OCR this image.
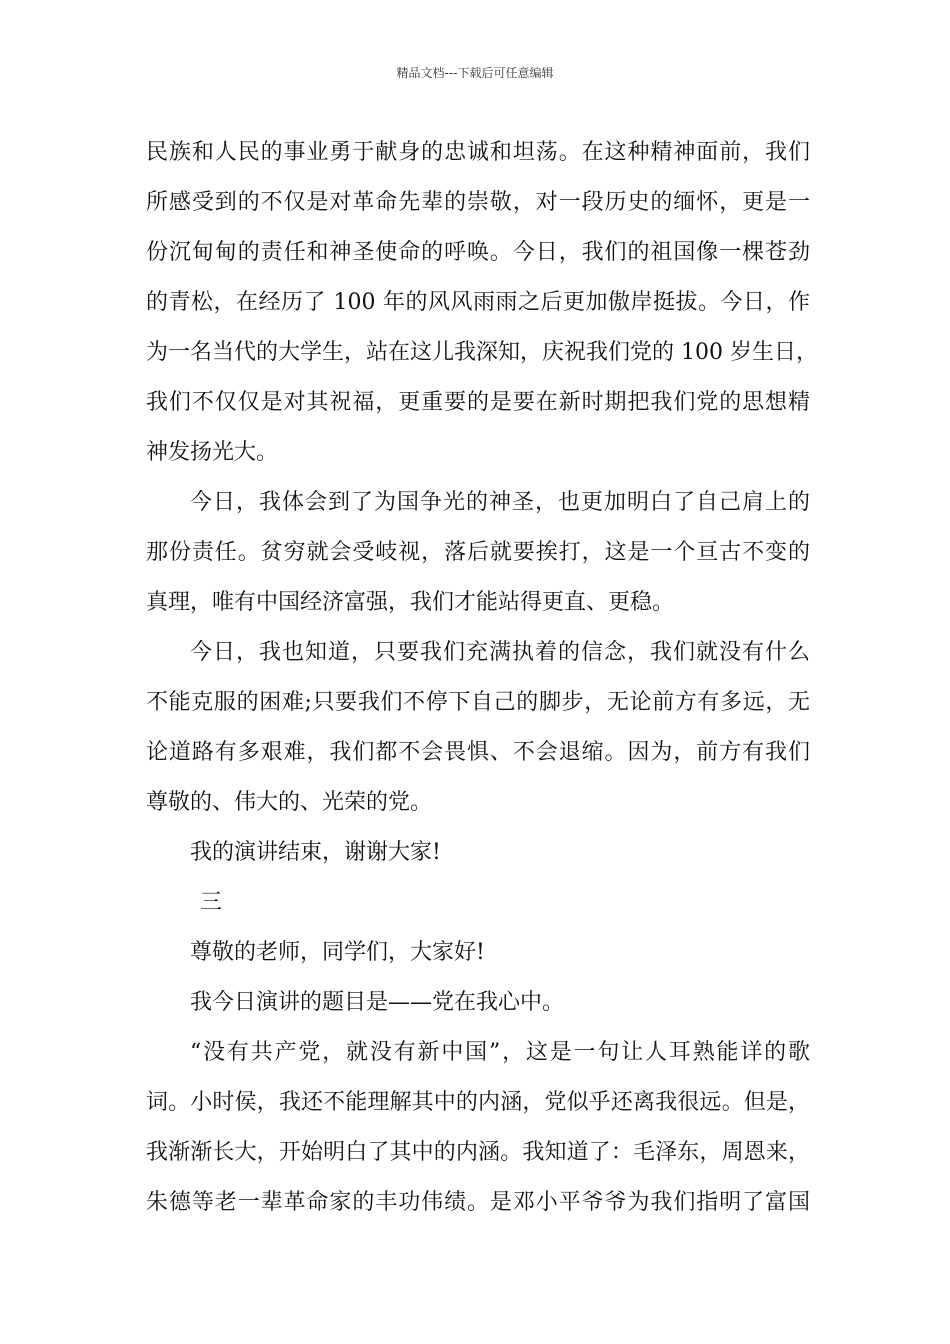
精品文档---下载后可任意编辑
民族和人民的事业勇于献身的忠诚和坦荡。在这种精神面前，我们
所感受到的不仅是对革命先辈的崇敬，对一段历史的缅怀，更是一
份沉甸甸的责任和神圣使命的呼唤。今日，我们的祖国像一棵苍劲
的青松，在经历了 100 年的风风雨雨之后更加傲岸挺拔。今日，作
为一名当代的大学生，站在这儿我深知，庆祝我们党的 100 岁生日，
我们不仅仅是对其祝福，更重要的是要在新时期把我们党的思想精
神发扬光大。
今日，我体会到了为国争光的神圣，也更加明白了自己肩上的
那份责任。贫穷就会受岐视，落后就要挨打，这是一个亘古不变的
真理，唯有中国经济富强，我们才能站得更直、更稳。
今日，我也知道，只要我们充满执着的信念，我们就没有什么
不能克服的困难;只要我们不停下自己的脚步，无论前方有多远，无
论道路有多艰难，我们都不会畏惧、不会退缩。因为，前方有我们
尊敬的、伟大的、光荣的党。
我的演讲结束，谢谢大家!
三
尊敬的老师，同学们，大家好!
我今日演讲的题目是——党在我心中。
“没有共产党，就没有新中国”，这是一句让人耳熟能详的歌
词。小时侯，我还不能理解其中的内涵，党似乎还离我很远。但是，
我渐渐长大，开始明白了其中的内涵。我知道了：毛泽东，周恩来，
朱德等老一辈革命家的丰功伟绩。是邓小平爷爷为我们指明了富国
